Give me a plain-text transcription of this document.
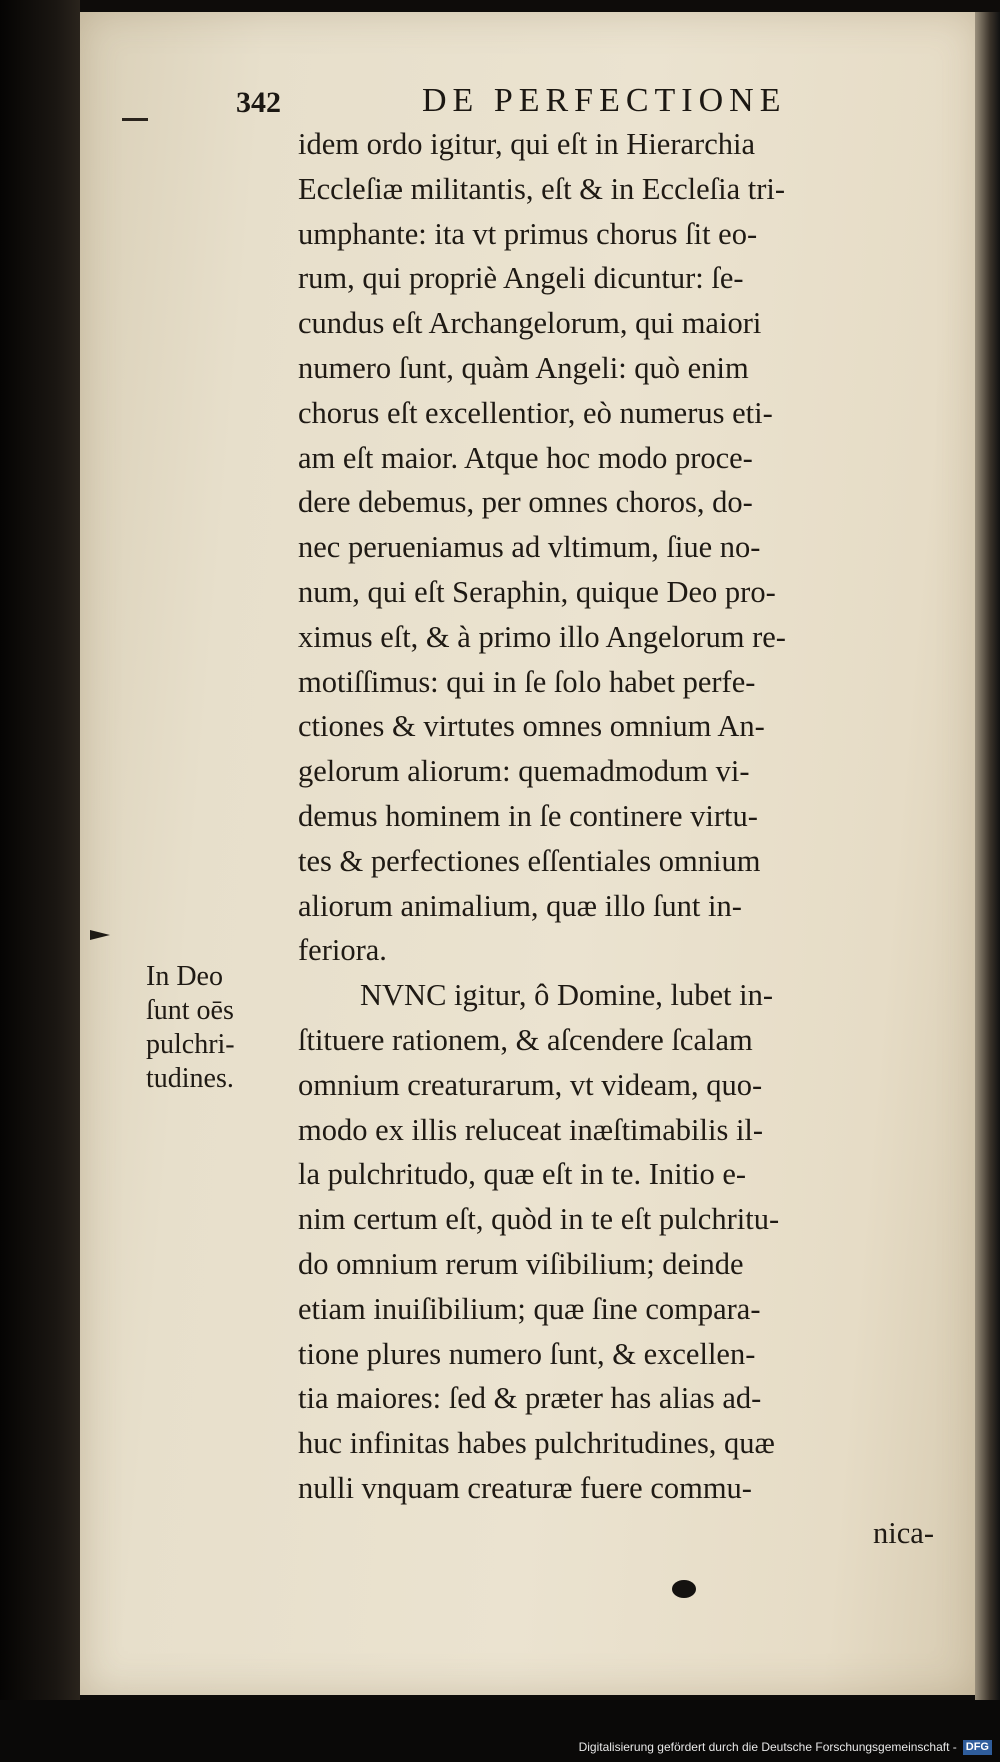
342	DE PERFECTIONE
In Deo
ſunt oēs
pulchri-
tudines.
idem ordo igitur, qui eſt in Hierarchia
Eccleſiæ militantis, eſt & in Eccleſia tri-
umphante: ita vt primus chorus ſit eo-
rum, qui propriè Angeli dicuntur: ſe-
cundus eſt Archangelorum, qui maiori
numero ſunt, quàm Angeli: quò enim
chorus eſt excellentior, eò numerus eti-
am eſt maior. Atque hoc modo proce-
dere debemus, per omnes choros, do-
nec perueniamus ad vltimum, ſiue no-
num, qui eſt Seraphin, quique Deo pro-
ximus eſt, & à primo illo Angelorum re-
motiſſimus: qui in ſe ſolo habet perfe-
ctiones & virtutes omnes omnium An-
gelorum aliorum: quemadmodum vi-
demus hominem in ſe continere virtu-
tes & perfectiones eſſentiales omnium
aliorum animalium, quæ illo ſunt in-
feriora.
NVNC igitur, ô Domine, lubet in-
ſtituere rationem, & aſcendere ſcalam
omnium creaturarum, vt videam, quo-
modo ex illis reluceat inæſtimabilis il-
la pulchritudo, quæ eſt in te. Initio e-
nim certum eſt, quòd in te eſt pulchritu-
do omnium rerum viſibilium; deinde
etiam inuiſibilium; quæ ſine compara-
tione plures numero ſunt, & excellen-
tia maiores: ſed & præter has alias ad-
huc infinitas habes pulchritudines, quæ
nulli vnquam creaturæ fuere commu-
nica-
Digitalisierung gefördert durch die Deutsche Forschungsgemeinschaft - DFG
